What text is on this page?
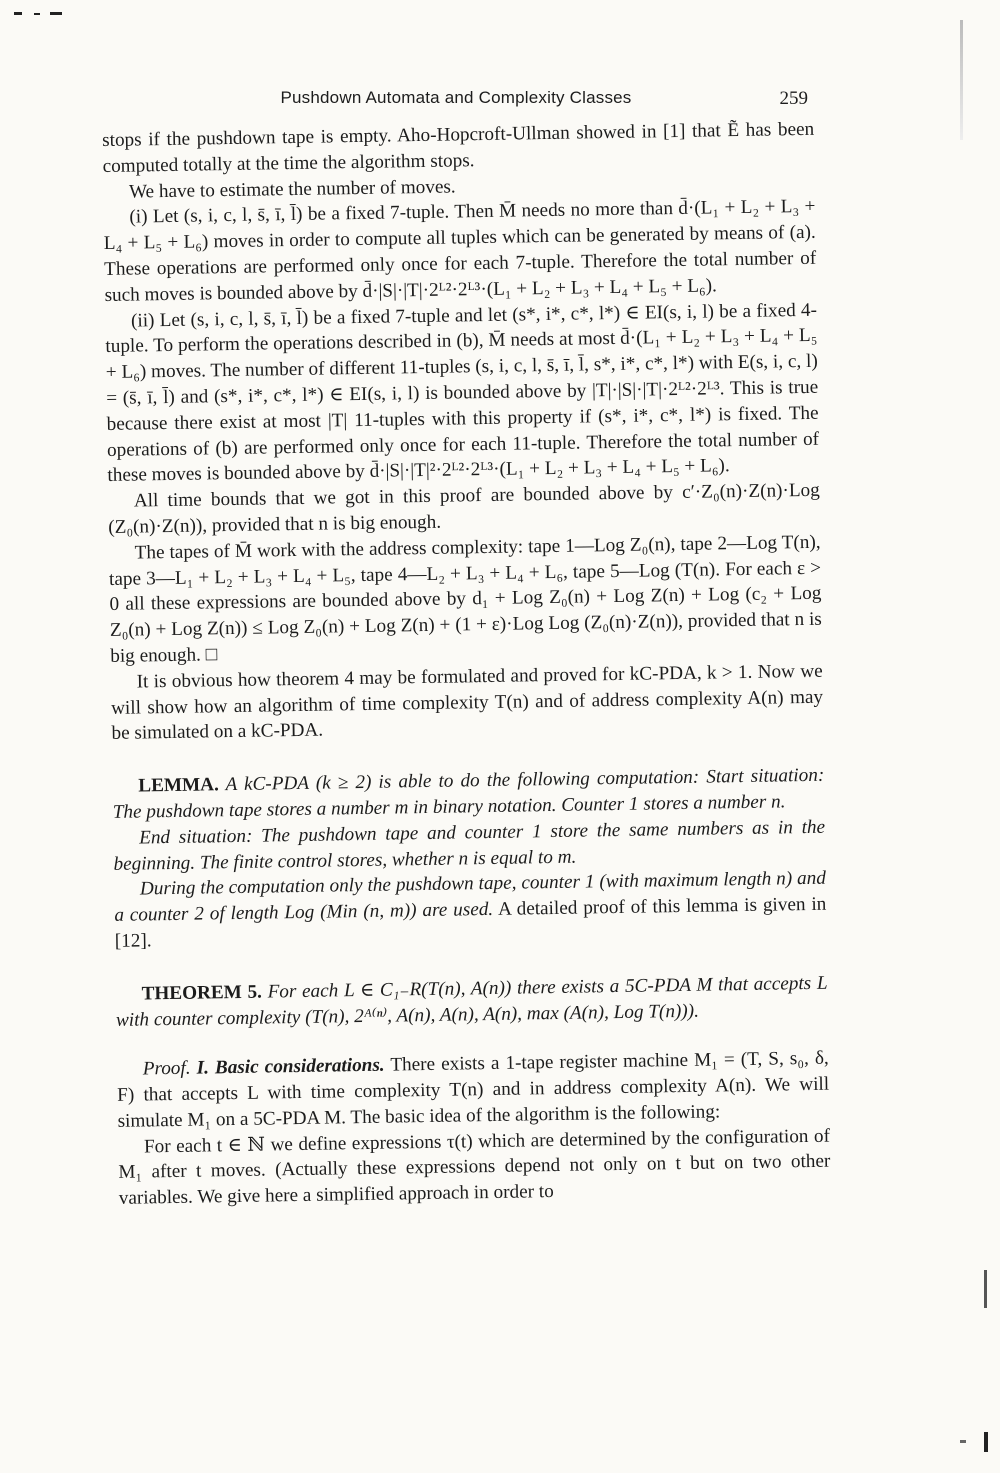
Pushdown Automata and Complexity Classes	259

stops if the pushdown tape is empty. Aho-Hopcroft-Ullman showed in [1] that Ẽ has been computed totally at the time the algorithm stops.

We have to estimate the number of moves.

(i) Let (s, i, c, l, s̄, ī, l̄) be a fixed 7-tuple. Then M̄ needs no more than d̄·(L₁ + L₂ + L₃ + L₄ + L₅ + L₆) moves in order to compute all tuples which can be generated by means of (a). These operations are performed only once for each 7-tuple. Therefore the total number of such moves is bounded above by d̄·|S|·|T|·2ᴸ²·2ᴸ³·(L₁ + L₂ + L₃ + L₄ + L₅ + L₆).

(ii) Let (s, i, c, l, s̄, ī, l̄) be a fixed 7-tuple and let (s*, i*, c*, l*) ∈ EI(s, i, l) be a fixed 4-tuple. To perform the operations described in (b), M̄ needs at most d̄·(L₁ + L₂ + L₃ + L₄ + L₅ + L₆) moves. The number of different 11-tuples (s, i, c, l, s̄, ī, l̄, s*, i*, c*, l*) with E(s, i, c, l) = (s̄, ī, l̄) and (s*, i*, c*, l*) ∈ EI(s, i, l) is bounded above by |T|·|S|·|T|·2ᴸ²·2ᴸ³. This is true because there exist at most |T| 11-tuples with this property if (s*, i*, c*, l*) is fixed. The operations of (b) are performed only once for each 11-tuple. Therefore the total number of these moves is bounded above by d̄·|S|·|T|²·2ᴸ²·2ᴸ³·(L₁ + L₂ + L₃ + L₄ + L₅ + L₆).

All time bounds that we got in this proof are bounded above by c′·Z₀(n)·Z(n)·Log (Z₀(n)·Z(n)), provided that n is big enough.

The tapes of M̄ work with the address complexity: tape 1—Log Z₀(n), tape 2—Log T(n), tape 3—L₁ + L₂ + L₃ + L₄ + L₅, tape 4—L₂ + L₃ + L₄ + L₆, tape 5—Log (T(n). For each ε > 0 all these expressions are bounded above by d₁ + Log Z₀(n) + Log Z(n) + Log (c₂ + Log Z₀(n) + Log Z(n)) ≤ Log Z₀(n) + Log Z(n) + (1 + ε)·Log Log (Z₀(n)·Z(n)), provided that n is big enough. □

It is obvious how theorem 4 may be formulated and proved for kC-PDA, k > 1. Now we will show how an algorithm of time complexity T(n) and of address complexity A(n) may be simulated on a kC-PDA.

LEMMA. A kC-PDA (k ≥ 2) is able to do the following computation: Start situation: The pushdown tape stores a number m in binary notation. Counter 1 stores a number n.

End situation: The pushdown tape and counter 1 store the same numbers as in the beginning. The finite control stores, whether n is equal to m.

During the computation only the pushdown tape, counter 1 (with maximum length n) and a counter 2 of length Log (Min (n, m)) are used. A detailed proof of this lemma is given in [12].

THEOREM 5. For each L ∈ C₁₋R(T(n), A(n)) there exists a 5C-PDA M that accepts L with counter complexity (T(n), 2ᴬ⁽ⁿ⁾, A(n), A(n), A(n), max (A(n), Log T(n))).

Proof. I. Basic considerations. There exists a 1-tape register machine M₁ = (T, S, s₀, δ, F) that accepts L with time complexity T(n) and in address complexity A(n). We will simulate M₁ on a 5C-PDA M. The basic idea of the algorithm is the following:

For each t ∈ ℕ we define expressions τ(t) which are determined by the configuration of M₁ after t moves. (Actually these expressions depend not only on t but on two other variables. We give here a simplified approach in order to
